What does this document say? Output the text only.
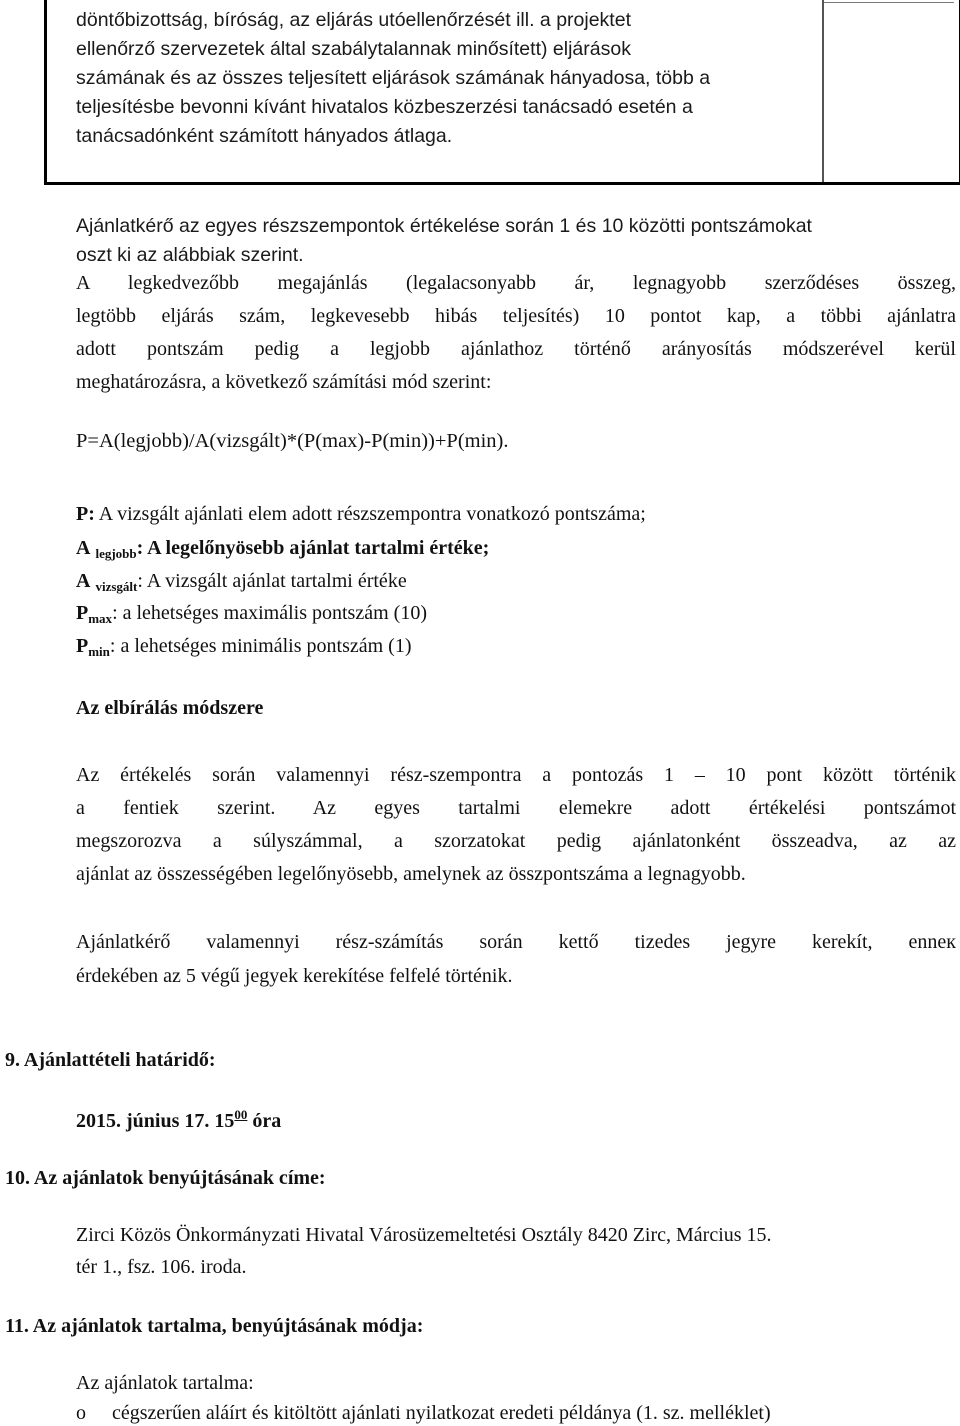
döntőbizottság, bíróság, az eljárás utóellenőrzését ill. a projektet
ellenőrző szervezetek által szabálytalannak minősített) eljárások
számának és az összes teljesített eljárások számának hányadosa, több a
teljesítésbe bevonni kívánt hivatalos közbeszerzési tanácsadó esetén a
tanácsadónként számított hányados átlaga.
Ajánlatkérő az egyes részszempontok értékelése során 1 és 10 közötti pontszámokat
oszt ki az alábbiak szerint.
A legkedvezőbb megajánlás (legalacsonyabb ár, legnagyobb szerződéses összeg,
legtöbb eljárás szám, legkevesebb hibás teljesítés) 10 pontot kap, a többi ajánlatra
adott pontszám pedig a legjobb ajánlathoz történő arányosítás módszerével kerül
meghatározásra, a következő számítási mód szerint:
P=A(legjobb)/A(vizsgált)*(P(max)-P(min))+P(min).
P: A vizsgált ajánlati elem adott részszempontra vonatkozó pontszáma;
A $_{legjobb}$: A legelőnyösebb ajánlat tartalmi értéke;
A $_{vizsgált}$: A vizsgált ajánlat tartalmi értéke
$P_{max}$: a lehetséges maximális pontszám (10)
$P_{min}$: a lehetséges minimális pontszám (1)
Az elbírálás módszere
Az értékelés során valamennyi rész-szempontra a pontozás 1 – 10 pont között történik
a fentiek szerint. Az egyes tartalmi elemekre adott értékelési pontszámot
megszorozva a súlyszámmal, a szorzatokat pedig ajánlatonként összeadva, az az
ajánlat az összességében legelőnyösebb, amelynek az összpontszáma a legnagyobb.
Ajánlatkérő valamennyi rész-számítás során kettő tizedes jegyre kerekít, enneк
érdekében az 5 végű jegyek kerekítése felfelé történik.
9. Ajánlattételi határidő:
2015. június 17. $15^{00}$ óra
10. Az ajánlatok benyújtásának címe:
Zirci Közös Önkormányzati Hivatal Városüzemeltetési Osztály 8420 Zirc, Március 15.
tér 1., fsz. 106. iroda.
11. Az ajánlatok tartalma, benyújtásának módja:
Az ajánlatok tartalma:
o cégszerűen aláírt és kitöltött ajánlati nyilatkozat eredeti példánya (1. sz. melléklet)
